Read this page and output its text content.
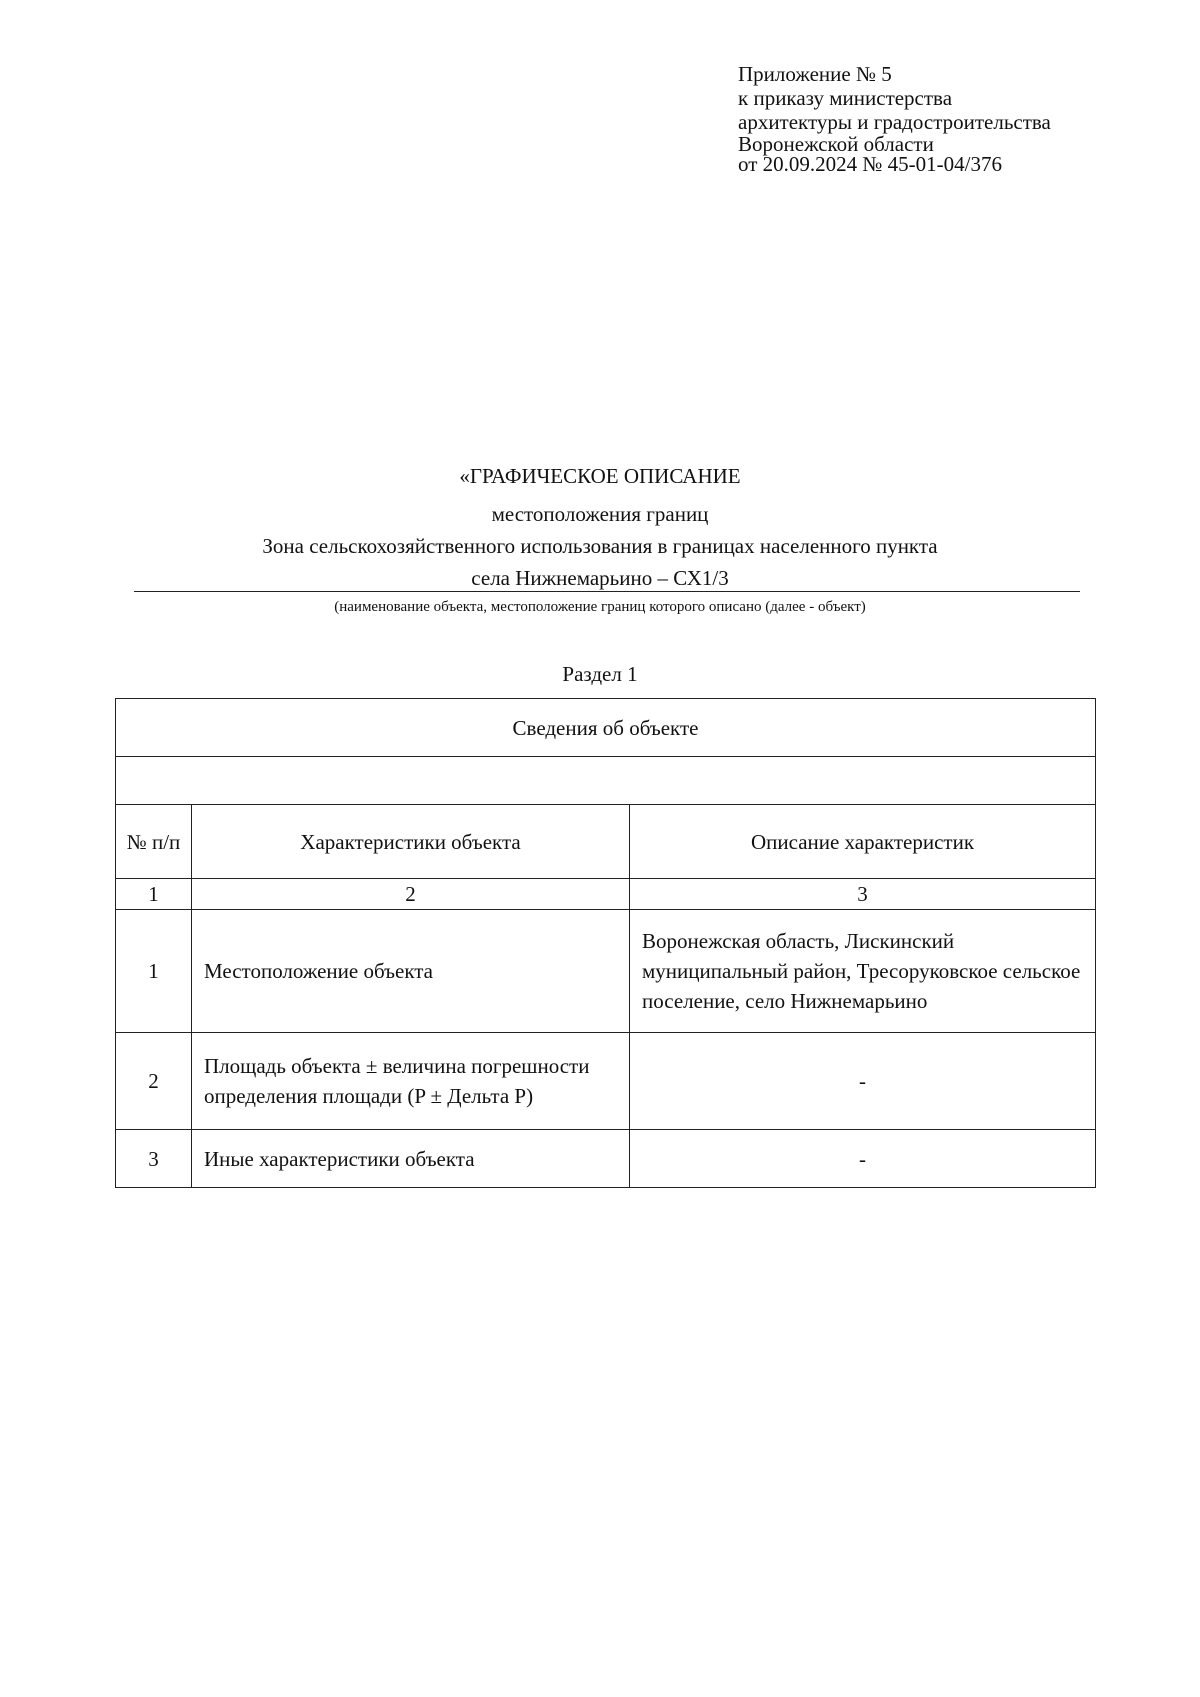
Приложение № 5
к приказу министерства
архитектуры и градостроительства
Воронежской области
от 20.09.2024 № 45-01-04/376
«ГРАФИЧЕСКОЕ ОПИСАНИЕ
местоположения границ
Зона сельскохозяйственного использования в границах населенного пункта
села Нижнемарьино – СХ1/3
(наименование объекта, местоположение границ которого описано (далее - объект)
Раздел 1
Сведения об объекте		

№ п/п	Характеристики объекта	Описание характеристик
1	2	3
1	Местоположение объекта	Воронежская область, Лискинский муниципальный район, Тресоруковское сельское поселение, село Нижнемарьино
2	Площадь объекта ± величина погрешности определения площади (P ± Дельта P)	-
3	Иные характеристики объекта	-
